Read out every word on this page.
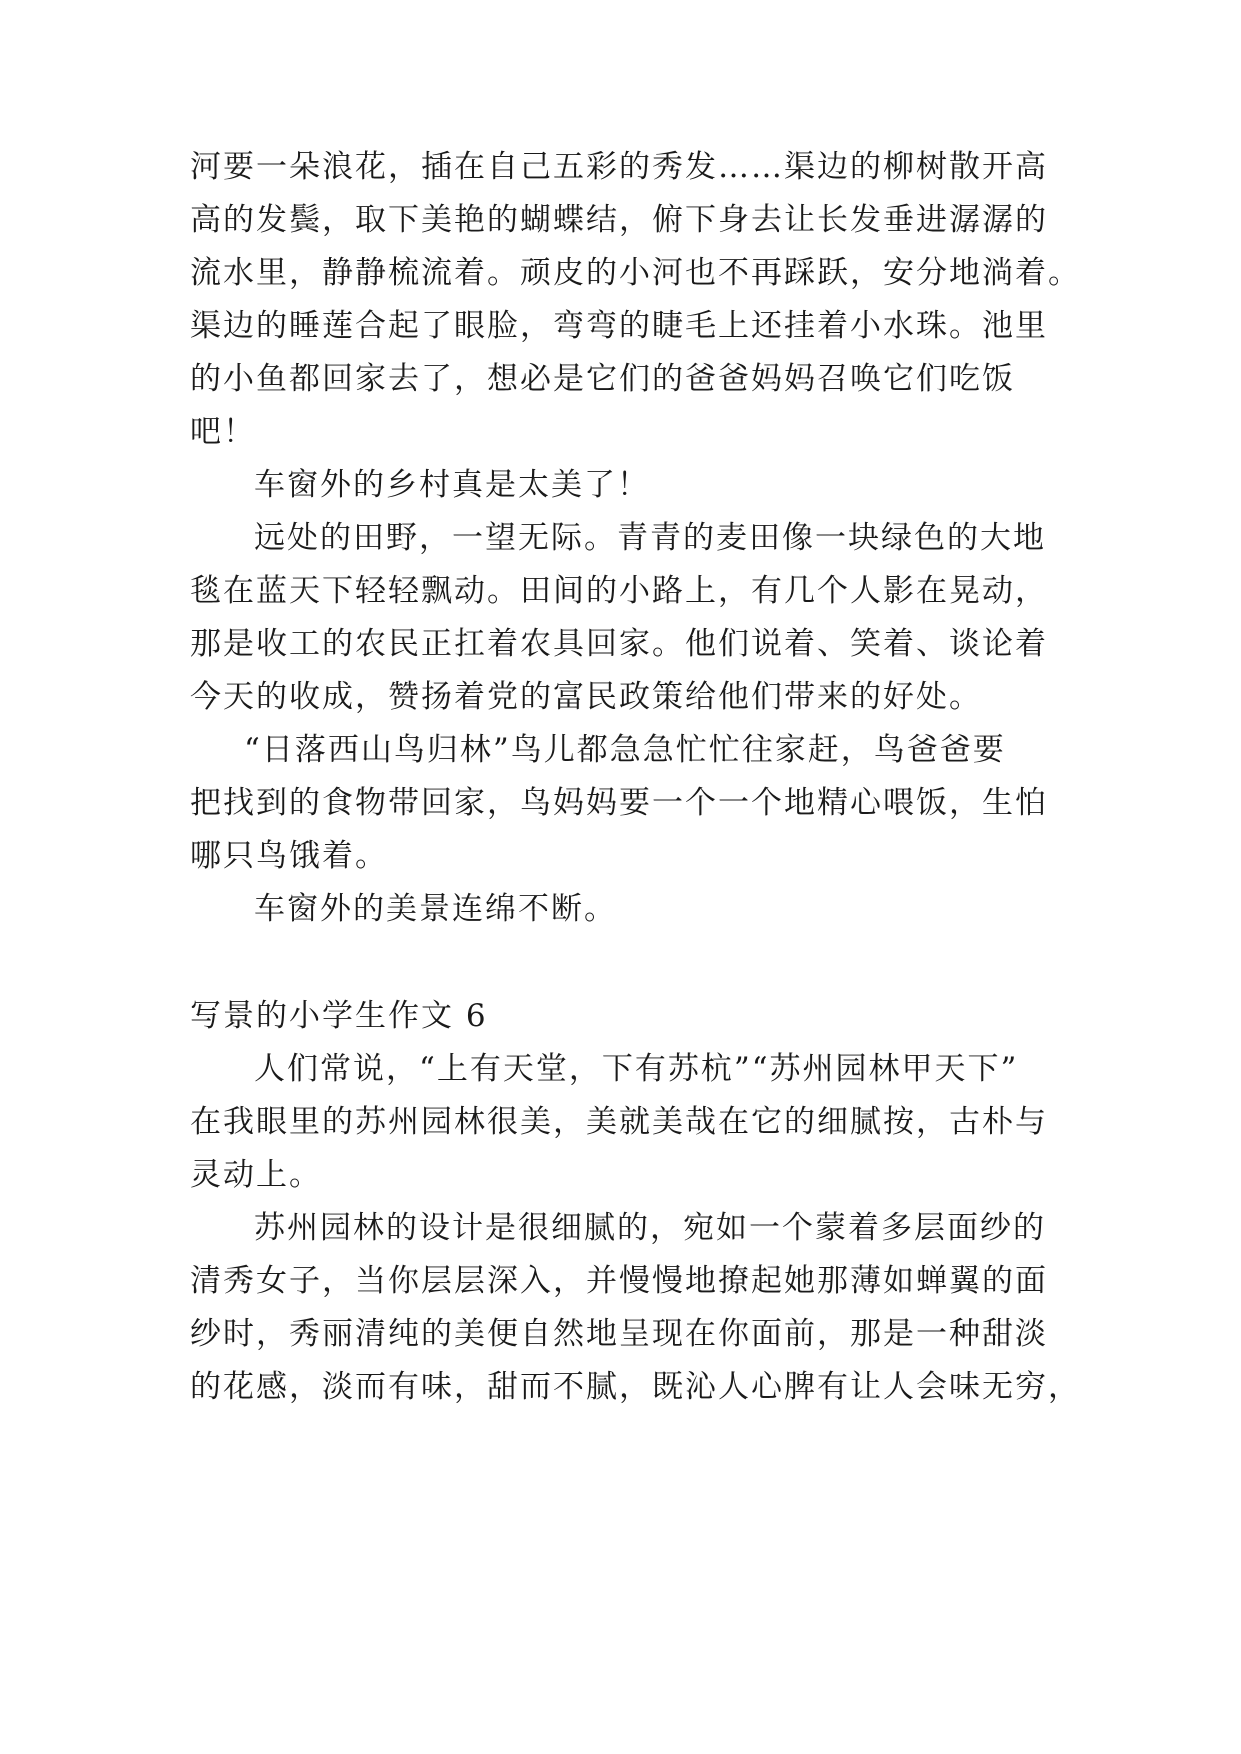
河要一朵浪花，插在自己五彩的秀发……渠边的柳树散开高

高的发鬓，取下美艳的蝴蝶结，俯下身去让长发垂进潺潺的

流水里，静静梳流着。顽皮的小河也不再踩跃，安分地淌着。

渠边的睡莲合起了眼脸，弯弯的睫毛上还挂着小水珠。池里

的小鱼都回家去了，想必是它们的爸爸妈妈召唤它们吃饭

吧！

车窗外的乡村真是太美了！

远处的田野，一望无际。青青的麦田像一块绿色的大地

毯在蓝天下轻轻飘动。田间的小路上，有几个人影在晃动，

那是收工的农民正扛着农具回家。他们说着、笑着、谈论着

今天的收成，赞扬着党的富民政策给他们带来的好处。

“日落西山鸟归林”鸟儿都急急忙忙往家赶，鸟爸爸要

把找到的食物带回家，鸟妈妈要一个一个地精心喂饭，生怕

哪只鸟饿着。

车窗外的美景连绵不断。

写景的小学生作文 6

人们常说，“上有天堂，下有苏杭”“苏州园林甲天下”

在我眼里的苏州园林很美，美就美哉在它的细腻按，古朴与

灵动上。

苏州园林的设计是很细腻的，宛如一个蒙着多层面纱的

清秀女子，当你层层深入，并慢慢地撩起她那薄如蝉翼的面

纱时，秀丽清纯的美便自然地呈现在你面前，那是一种甜淡

的花感，淡而有味，甜而不腻，既沁人心脾有让人会味无穷，
